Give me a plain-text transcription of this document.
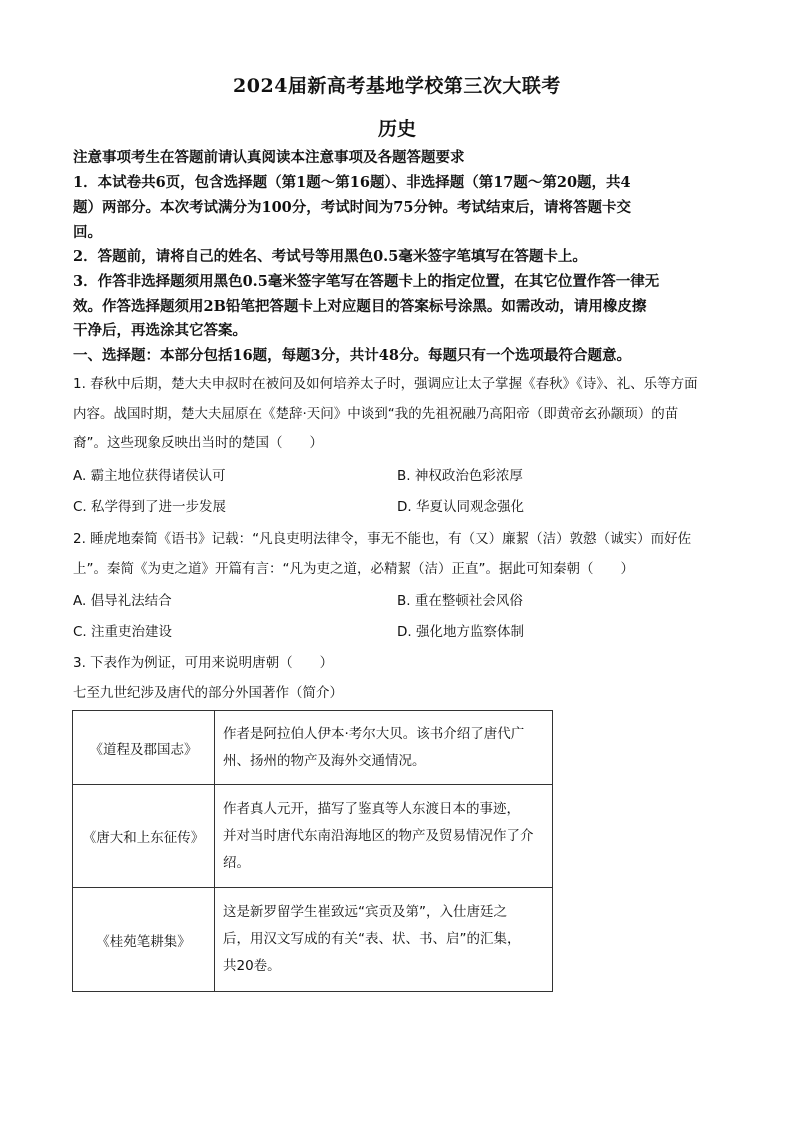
2024届新高考基地学校第三次大联考
历史
注意事项考生在答题前请认真阅读本注意事项及各题答题要求
1．本试卷共6页，包含选择题（第1题～第16题）、非选择题（第17题～第20题，共4
题）两部分。本次考试满分为100分，考试时间为75分钟。考试结束后，请将答题卡交
回。
2．答题前，请将自己的姓名、考试号等用黑色0.5毫米签字笔填写在答题卡上。
3．作答非选择题须用黑色0.5毫米签字笔写在答题卡上的指定位置，在其它位置作答一律无
效。作答选择题须用2B铅笔把答题卡上对应题目的答案标号涂黑。如需改动，请用橡皮擦
干净后，再选涂其它答案。
一、选择题：本部分包括16题，每题3分，共计48分。每题只有一个选项最符合题意。
1. 春秋中后期，楚大夫申叔时在被问及如何培养太子时，强调应让太子掌握《春秋》《诗》、礼、乐等方面
内容。战国时期，楚大夫屈原在《楚辞·天问》中谈到“我的先祖祝融乃高阳帝（即黄帝玄孙颛顼）的苗
裔”。这些现象反映出当时的楚国（　　）
A. 霸主地位获得诸侯认可	B. 神权政治色彩浓厚
C. 私学得到了进一步发展	D. 华夏认同观念强化
2. 睡虎地秦简《语书》记载：“凡良吏明法律令，事无不能也，有（又）廉絜（洁）敦慤（诚实）而好佐
上”。秦简《为吏之道》开篇有言：“凡为吏之道，必精絜（洁）正直”。据此可知秦朝（　　）
A. 倡导礼法结合	B. 重在整顿社会风俗
C. 注重吏治建设	D. 强化地方监察体制
3. 下表作为例证，可用来说明唐朝（　　）
七至九世纪涉及唐代的部分外国著作（简介）
《道程及郡国志》	作者是阿拉伯人伊本·考尔大贝。该书介绍了唐代广
州、扬州的物产及海外交通情况。

《唐大和上东征传》	作者真人元开，描写了鉴真等人东渡日本的事迹，
并对当时唐代东南沿海地区的物产及贸易情况作了介
绍。

《桂苑笔耕集》	这是新罗留学生崔致远“宾贡及第”，入仕唐廷之
后，用汉文写成的有关“表、状、书、启”的汇集，
共20卷。
